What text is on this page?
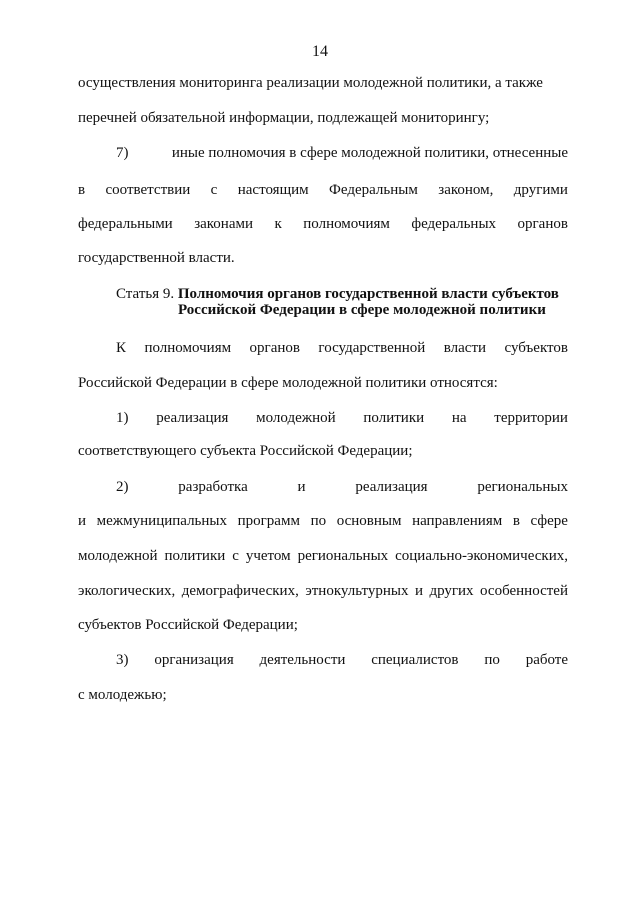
14
осуществления мониторинга реализации молодежной политики, а также
перечней обязательной информации, подлежащей мониторингу;
7)	иные полномочия в сфере молодежной политики, отнесенные
в соответствии с настоящим Федеральным законом, другими
федеральными законами к полномочиям федеральных органов
государственной власти.
Статья 9. Полномочия органов государственной власти субъектов
Российской Федерации в сфере молодежной политики
К полномочиям органов государственной власти субъектов
Российской Федерации в сфере молодежной политики относятся:
1) реализация молодежной политики на территории
соответствующего субъекта Российской Федерации;
2)	разработка	и	реализация	региональных
и межмуниципальных программ по основным направлениям в сфере
молодежной политики с учетом региональных социально-экономических,
экологических, демографических, этнокультурных и других особенностей
субъектов Российской Федерации;
3) организация деятельности специалистов по работе
с молодежью;
